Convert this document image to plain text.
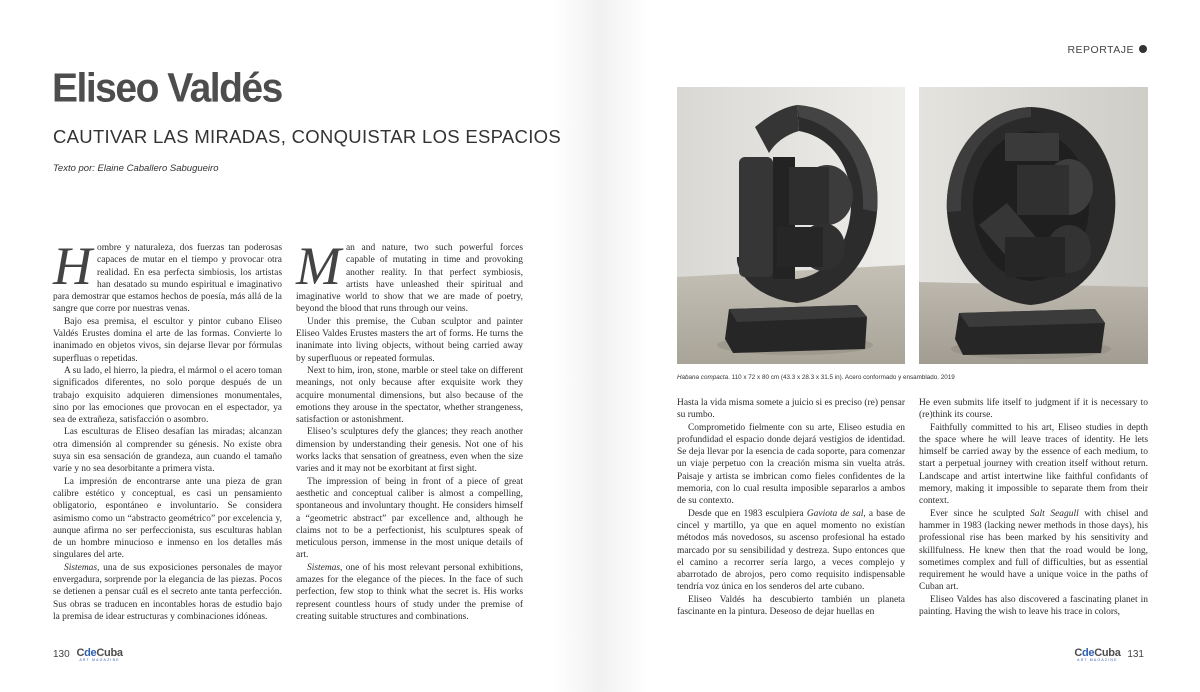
REPORTAJE
Eliseo Valdés
CAUTIVAR LAS MIRADAS, CONQUISTAR LOS ESPACIOS
Texto por: Elaine Caballero Sabugueiro

Hombre y naturaleza, dos fuerzas tan poderosas capaces de mutar en el tiempo y provocar otra realidad. En esa perfecta simbiosis, los artistas han desatado su mundo espiritual e imaginativo para demostrar que estamos hechos de poesía, más allá de la sangre que corre por nuestras venas.

Bajo esa premisa, el escultor y pintor cubano Eliseo Valdés Erustes domina el arte de las formas. Convierte lo inanimado en objetos vivos, sin dejarse llevar por fórmulas superfluas o repetidas.

A su lado, el hierro, la piedra, el mármol o el acero toman significados diferentes, no solo porque después de un trabajo exquisito adquieren dimensiones monumentales, sino por las emociones que provocan en el espectador, ya sea de extrañeza, satisfacción o asombro.

Las esculturas de Eliseo desafían las miradas; alcanzan otra dimensión al comprender su génesis. No existe obra suya sin esa sensación de grandeza, aun cuando el tamaño varíe y no sea desorbitante a primera vista.

La impresión de encontrarse ante una pieza de gran calibre estético y conceptual, es casi un pensamiento obligatorio, espontáneo e involuntario. Se considera asimismo como un “abstracto geométrico” por excelencia y, aunque afirma no ser perfeccionista, sus esculturas hablan de un hombre minucioso e inmenso en los detalles más singulares del arte.

Sistemas, una de sus exposiciones personales de mayor envergadura, sorprende por la elegancia de las piezas. Pocos se detienen a pensar cuál es el secreto ante tanta perfección. Sus obras se traducen en incontables horas de estudio bajo la premisa de idear estructuras y combinaciones idóneas.

Man and nature, two such powerful forces capable of mutating in time and provoking another reality. In that perfect symbiosis, artists have unleashed their spiritual and imaginative world to show that we are made of poetry, beyond the blood that runs through our veins.

Under this premise, the Cuban sculptor and painter Eliseo Valdes Erustes masters the art of forms. He turns the inanimate into living objects, without being carried away by superfluous or repeated formulas.

Next to him, iron, stone, marble or steel take on different meanings, not only because after exquisite work they acquire monumental dimensions, but also because of the emotions they arouse in the spectator, whether strangeness, satisfaction or astonishment.

Eliseo’s sculptures defy the glances; they reach another dimension by understanding their genesis. Not one of his works lacks that sensation of greatness, even when the size varies and it may not be exorbitant at first sight.

The impression of being in front of a piece of great aesthetic and conceptual caliber is almost a compelling, spontaneous and involuntary thought. He considers himself a “geometric abstract” par excellence and, although he claims not to be a perfectionist, his sculptures speak of meticulous person, immense in the most unique details of art.

Sistemas, one of his most relevant personal exhibitions, amazes for the elegance of the pieces. In the face of such perfection, few stop to think what the secret is. His works represent countless hours of study under the premise of creating suitable structures and combinations.

Habana compacta. 110 x 72 x 80 cm (43.3 x 28.3 x 31.5 in). Acero conformado y ensamblado. 2019

Hasta la vida misma somete a juicio si es preciso (re) pensar su rumbo.

Comprometido fielmente con su arte, Eliseo estudia en profundidad el espacio donde dejará vestigios de identidad. Se deja llevar por la esencia de cada soporte, para comenzar un viaje perpetuo con la creación misma sin vuelta atrás. Paisaje y artista se imbrican como fieles confidentes de la memoria, con lo cual resulta imposible separarlos a ambos de su contexto.

Desde que en 1983 esculpiera Gaviota de sal, a base de cincel y martillo, ya que en aquel momento no existían métodos más novedosos, su ascenso profesional ha estado marcado por su sensibilidad y destreza. Supo entonces que el camino a recorrer sería largo, a veces complejo y abarrotado de abrojos, pero como requisito indispensable tendría voz única en los senderos del arte cubano.

Eliseo Valdés ha descubierto también un planeta fascinante en la pintura. Deseoso de dejar huellas en

He even submits life itself to judgment if it is necessary to (re)think its course.

Faithfully committed to his art, Eliseo studies in depth the space where he will leave traces of identity. He lets himself be carried away by the essence of each medium, to start a perpetual journey with creation itself without return. Landscape and artist intertwine like faithful confidants of memory, making it impossible to separate them from their context.

Ever since he sculpted Salt Seagull with chisel and hammer in 1983 (lacking newer methods in those days), his professional rise has been marked by his sensitivity and skillfulness. He knew then that the road would be long, sometimes complex and full of difficulties, but as essential requirement he would have a unique voice in the paths of Cuban art.

Eliseo Valdes has also discovered a fascinating planet in painting. Having the wish to leave his trace in colors,

130 CdeCuba
ART MAGAZINE
CdeCuba
ART MAGAZINE 131
